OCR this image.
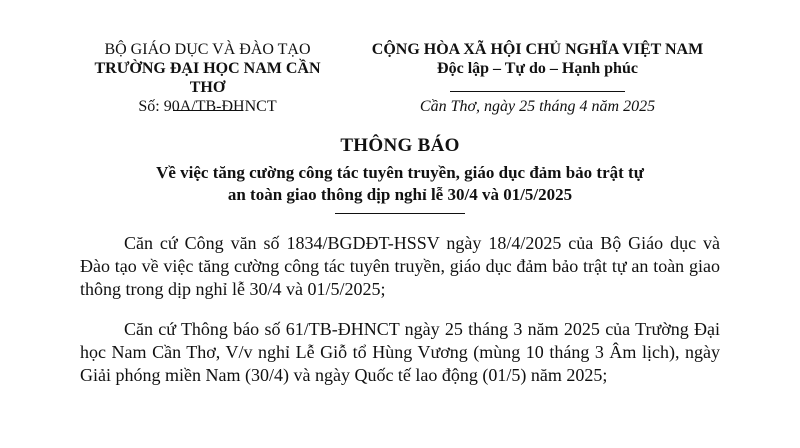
BỘ GIÁO DỤC VÀ ĐÀO TẠO
TRƯỜNG ĐẠI HỌC NAM CẦN THƠ
CỘNG HÒA XÃ HỘI CHỦ NGHĨA VIỆT NAM
Độc lập – Tự do – Hạnh phúc
Số: 90A/TB-ĐHNCT	Cần Thơ, ngày 25 tháng 4 năm 2025
THÔNG BÁO
Về việc tăng cường công tác tuyên truyền, giáo dục đảm bảo trật tự
an toàn giao thông dịp nghỉ lễ 30/4 và 01/5/2025
Căn cứ Công văn số 1834/BGDĐT-HSSV ngày 18/4/2025 của Bộ Giáo dục và Đào tạo về việc tăng cường công tác tuyên truyền, giáo dục đảm bảo trật tự an toàn giao thông trong dịp nghỉ lễ 30/4 và 01/5/2025;
Căn cứ Thông báo số 61/TB-ĐHNCT ngày 25 tháng 3 năm 2025 của Trường Đại học Nam Cần Thơ, V/v nghỉ Lễ Giỗ tổ Hùng Vương (mùng 10 tháng 3 Âm lịch), ngày Giải phóng miền Nam (30/4) và ngày Quốc tế lao động (01/5) năm 2025;
